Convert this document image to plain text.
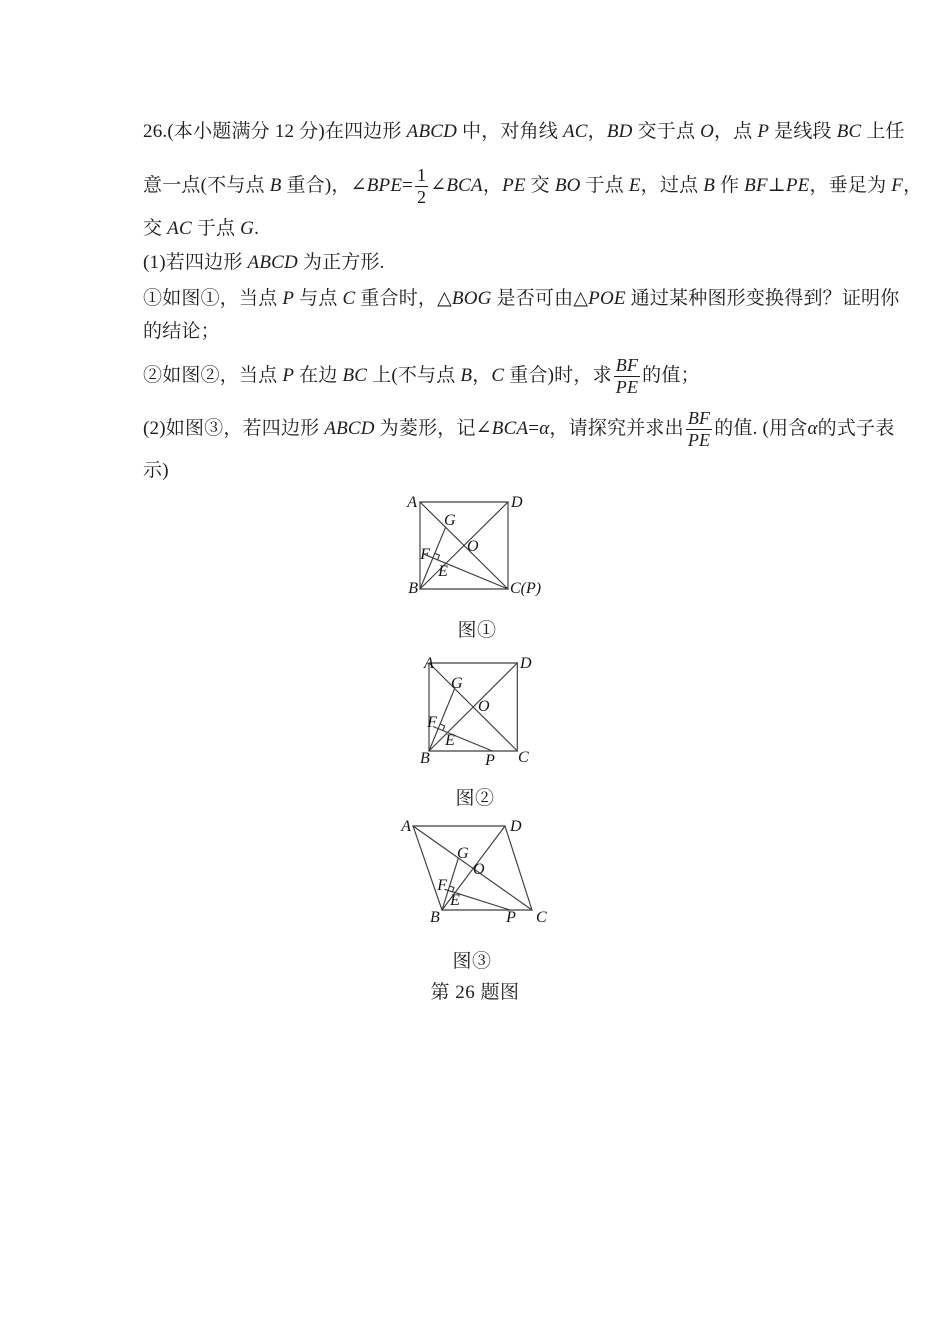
26.(本小题满分 12 分)在四边形 ABCD 中，对角线 AC，BD 交于点 O，点 P 是线段 BC 上任
意一点(不与点 B 重合)，∠BPE= $\frac{1}{2}$ ∠BCA，PE 交 BO 于点 E，过点 B 作 BF⊥PE，垂足为 F，
交 AC 于点 G.
(1)若四边形 ABCD 为正方形.
①如图①，当点 P 与点 C 重合时，△BOG 是否可由△POE 通过某种图形变换得到？证明你
的结论；
②如图②，当点 P 在边 BC 上(不与点 B，C 重合)时，求 $\frac{BF}{PE}$ 的值；
(2)如图③，若四边形 ABCD 为菱形，记∠BCA=α，请探究并求出 $\frac{BF}{PE}$ 的值. (用含α的式子表
示)
A	D
B	C(P)
G
O
F
E
图①
A	D
B	C
P
O
G
F
E
图②
A	D
B	C
P
O
G
F
E
图③
第 26 题图
